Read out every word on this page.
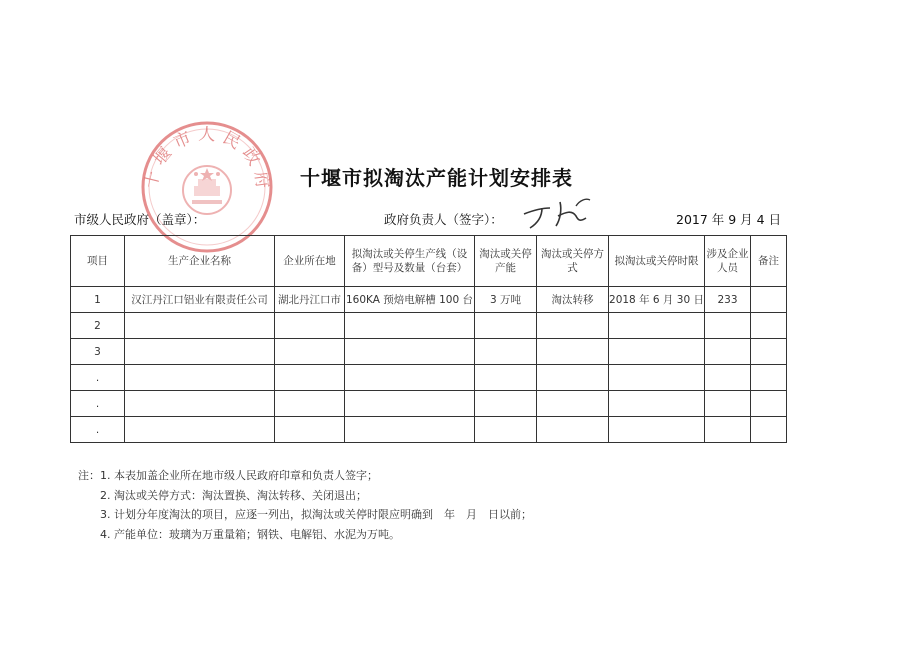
十堰市人民政府 十堰市拟淘汰产能计划安排表
市级人民政府（盖章）：	政府负责人（签字）：	2017 年 9 月 4 日
项目	生产企业名称	企业所在地	拟淘汰或关停生产线（设备）型号及数量（台套）	淘汰或关停产能	淘汰或关停方式	拟淘汰或关停时限	涉及企业人员	备注
1	汉江丹江口铝业有限责任公司	湖北丹江口市	160KA 预焙电解槽 100 台	3 万吨	淘汰转移	2018 年 6 月 30 日	233	
2								
3								
.								
.								
.								
注：1. 本表加盖企业所在地市级人民政府印章和负责人签字；
2. 淘汰或关停方式：淘汰置换、淘汰转移、关闭退出；
3. 计划分年度淘汰的项目，应逐一列出，拟淘汰或关停时限应明确到　年　月　日以前；
4. 产能单位：玻璃为万重量箱；钢铁、电解铝、水泥为万吨。
